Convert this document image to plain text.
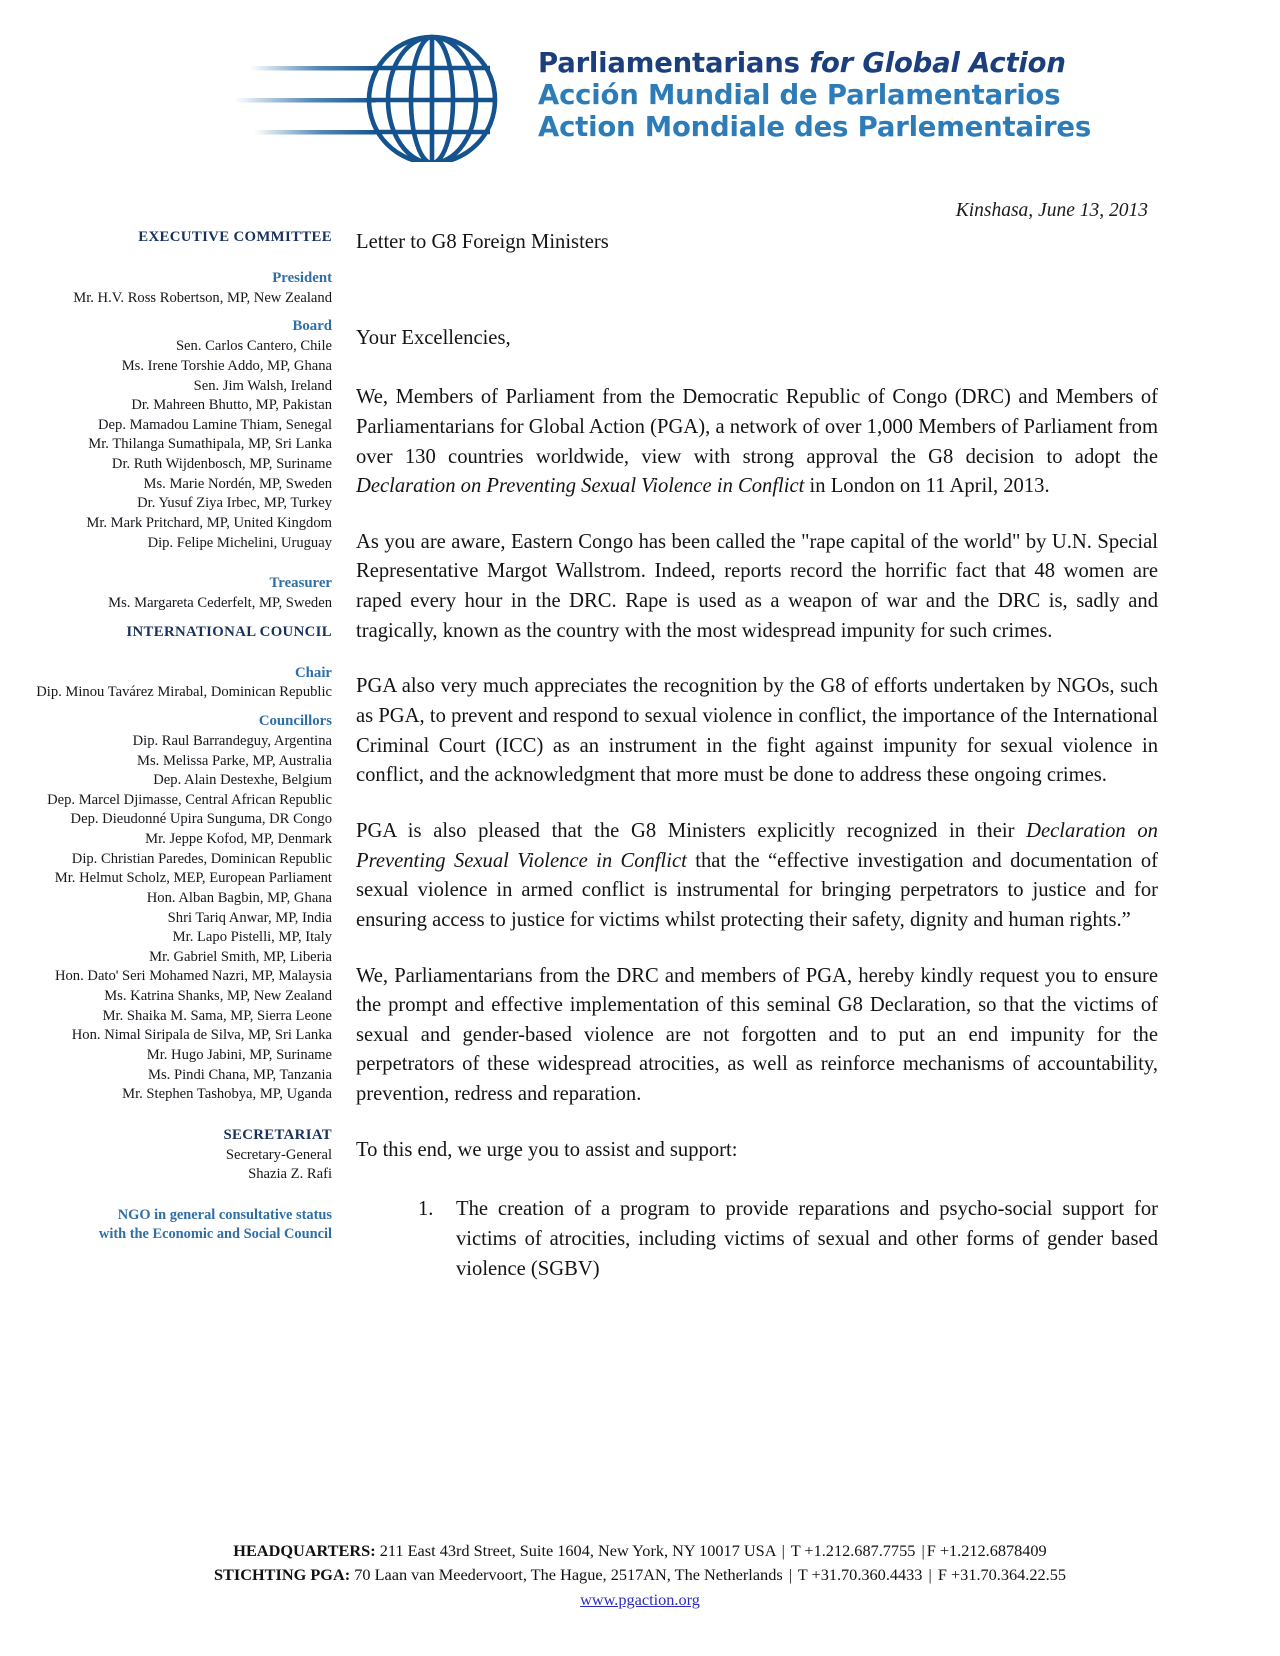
Parliamentarians for Global Action
Acción Mundial de Parlamentarios
Action Mondiale des Parlementaires
Kinshasa, June 13, 2013
EXECUTIVE COMMITTEE
President
Mr. H.V. Ross Robertson, MP, New Zealand
Board
Sen. Carlos Cantero, Chile
Ms. Irene Torshie Addo, MP, Ghana
Sen. Jim Walsh, Ireland
Dr. Mahreen Bhutto, MP, Pakistan
Dep. Mamadou Lamine Thiam, Senegal
Mr. Thilanga Sumathipala, MP, Sri Lanka
Dr. Ruth Wijdenbosch, MP, Suriname
Ms. Marie Nordén, MP, Sweden
Dr. Yusuf Ziya Irbec, MP, Turkey
Mr. Mark Pritchard, MP, United Kingdom
Dip. Felipe Michelini, Uruguay
Treasurer
Ms. Margareta Cederfelt, MP, Sweden
INTERNATIONAL COUNCIL
Chair
Dip. Minou Tavárez Mirabal, Dominican Republic
Councillors
Dip. Raul Barrandeguy, Argentina
Ms. Melissa Parke, MP, Australia
Dep. Alain Destexhe, Belgium
Dep. Marcel Djimasse, Central African Republic
Dep. Dieudonné Upira Sunguma, DR Congo
Mr. Jeppe Kofod, MP, Denmark
Dip. Christian Paredes, Dominican Republic
Mr. Helmut Scholz, MEP, European Parliament
Hon. Alban Bagbin, MP, Ghana
Shri Tariq Anwar, MP, India
Mr. Lapo Pistelli, MP, Italy
Mr. Gabriel Smith, MP, Liberia
Hon. Dato' Seri Mohamed Nazri, MP, Malaysia
Ms. Katrina Shanks, MP, New Zealand
Mr. Shaika M. Sama, MP, Sierra Leone
Hon. Nimal Siripala de Silva, MP, Sri Lanka
Mr. Hugo Jabini, MP, Suriname
Ms. Pindi Chana, MP, Tanzania
Mr. Stephen Tashobya, MP, Uganda
SECRETARIAT
Secretary-General
Shazia Z. Rafi
NGO in general consultative status
with the Economic and Social Council

Letter to G8 Foreign Ministers

Your Excellencies,

We, Members of Parliament from the Democratic Republic of Congo (DRC) and Members of Parliamentarians for Global Action (PGA), a network of over 1,000 Members of Parliament from over 130 countries worldwide, view with strong approval the G8 decision to adopt the Declaration on Preventing Sexual Violence in Conflict in London on 11 April, 2013.

As you are aware, Eastern Congo has been called the "rape capital of the world" by U.N. Special Representative Margot Wallstrom. Indeed, reports record the horrific fact that 48 women are raped every hour in the DRC. Rape is used as a weapon of war and the DRC is, sadly and tragically, known as the country with the most widespread impunity for such crimes.

PGA also very much appreciates the recognition by the G8 of efforts undertaken by NGOs, such as PGA, to prevent and respond to sexual violence in conflict, the importance of the International Criminal Court (ICC) as an instrument in the fight against impunity for sexual violence in conflict, and the acknowledgment that more must be done to address these ongoing crimes.

PGA is also pleased that the G8 Ministers explicitly recognized in their Declaration on Preventing Sexual Violence in Conflict that the “effective investigation and documentation of sexual violence in armed conflict is instrumental for bringing perpetrators to justice and for ensuring access to justice for victims whilst protecting their safety, dignity and human rights.”

We, Parliamentarians from the DRC and members of PGA, hereby kindly request you to ensure the prompt and effective implementation of this seminal G8 Declaration, so that the victims of sexual and gender-based violence are not forgotten and to put an end impunity for the perpetrators of these widespread atrocities, as well as reinforce mechanisms of accountability, prevention, redress and reparation.

To this end, we urge you to assist and support:

1. The creation of a program to provide reparations and psycho-social support for victims of atrocities, including victims of sexual and other forms of gender based violence (SGBV)
HEADQUARTERS: 211 East 43rd Street, Suite 1604, New York, NY 10017 USA | T +1.212.687.7755 | F +1.212.6878409
STICHTING PGA: 70 Laan van Meedervoort, The Hague, 2517AN, The Netherlands | T +31.70.360.4433 | F +31.70.364.22.55
www.pgaction.org
